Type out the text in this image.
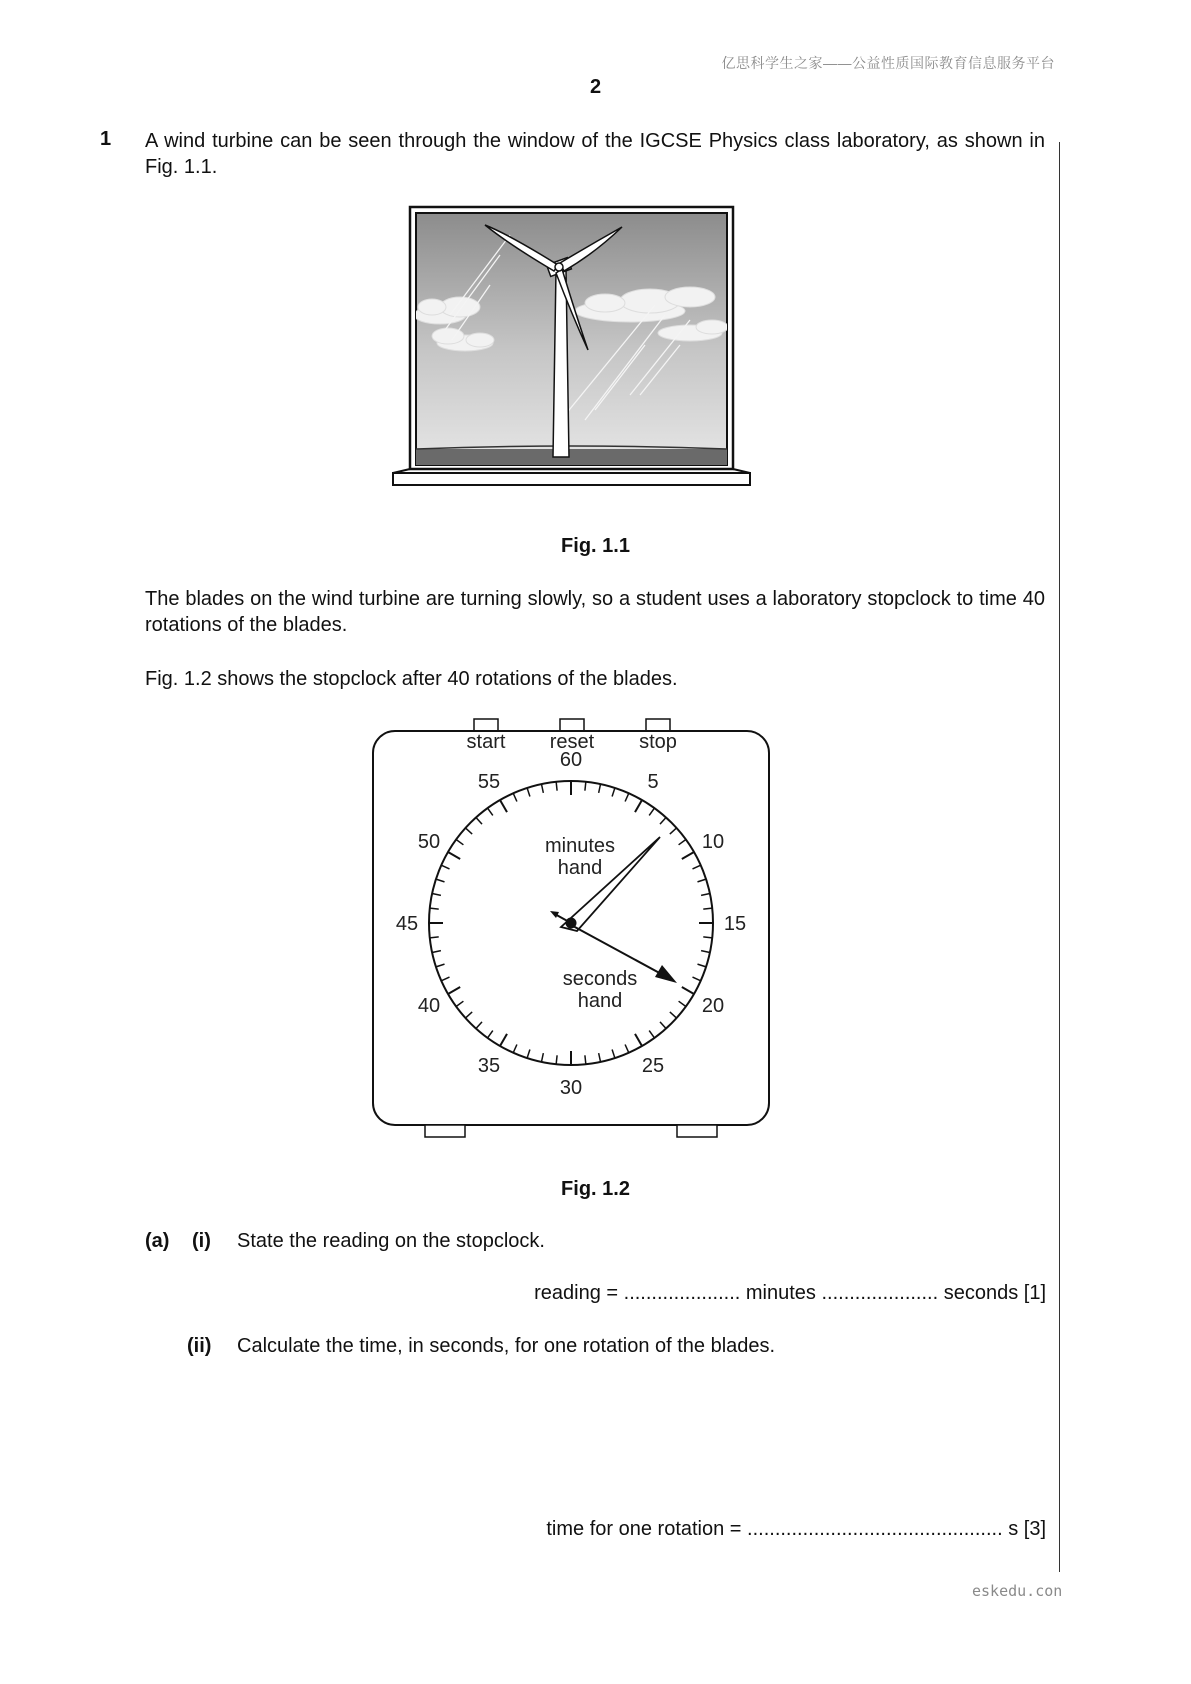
亿思科学生之家——公益性质国际教育信息服务平台
2
1 A wind turbine can be seen through the window of the IGCSE Physics class laboratory, as shown in Fig. 1.1.
Fig. 1.1
The blades on the wind turbine are turning slowly, so a student uses a laboratory stopclock to time 40 rotations of the blades.
Fig. 1.2 shows the stopclock after 40 rotations of the blades.
start reset stop
60
5
10
15
20
25
30
35
40
45
50
55
minutes
hand
seconds
hand
Fig. 1.2
(a) (i) State the reading on the stopclock.
reading = ..................... minutes ..................... seconds [1]
(ii) Calculate the time, in seconds, for one rotation of the blades.
time for one rotation = .............................................. s [3]
eskedu.con
